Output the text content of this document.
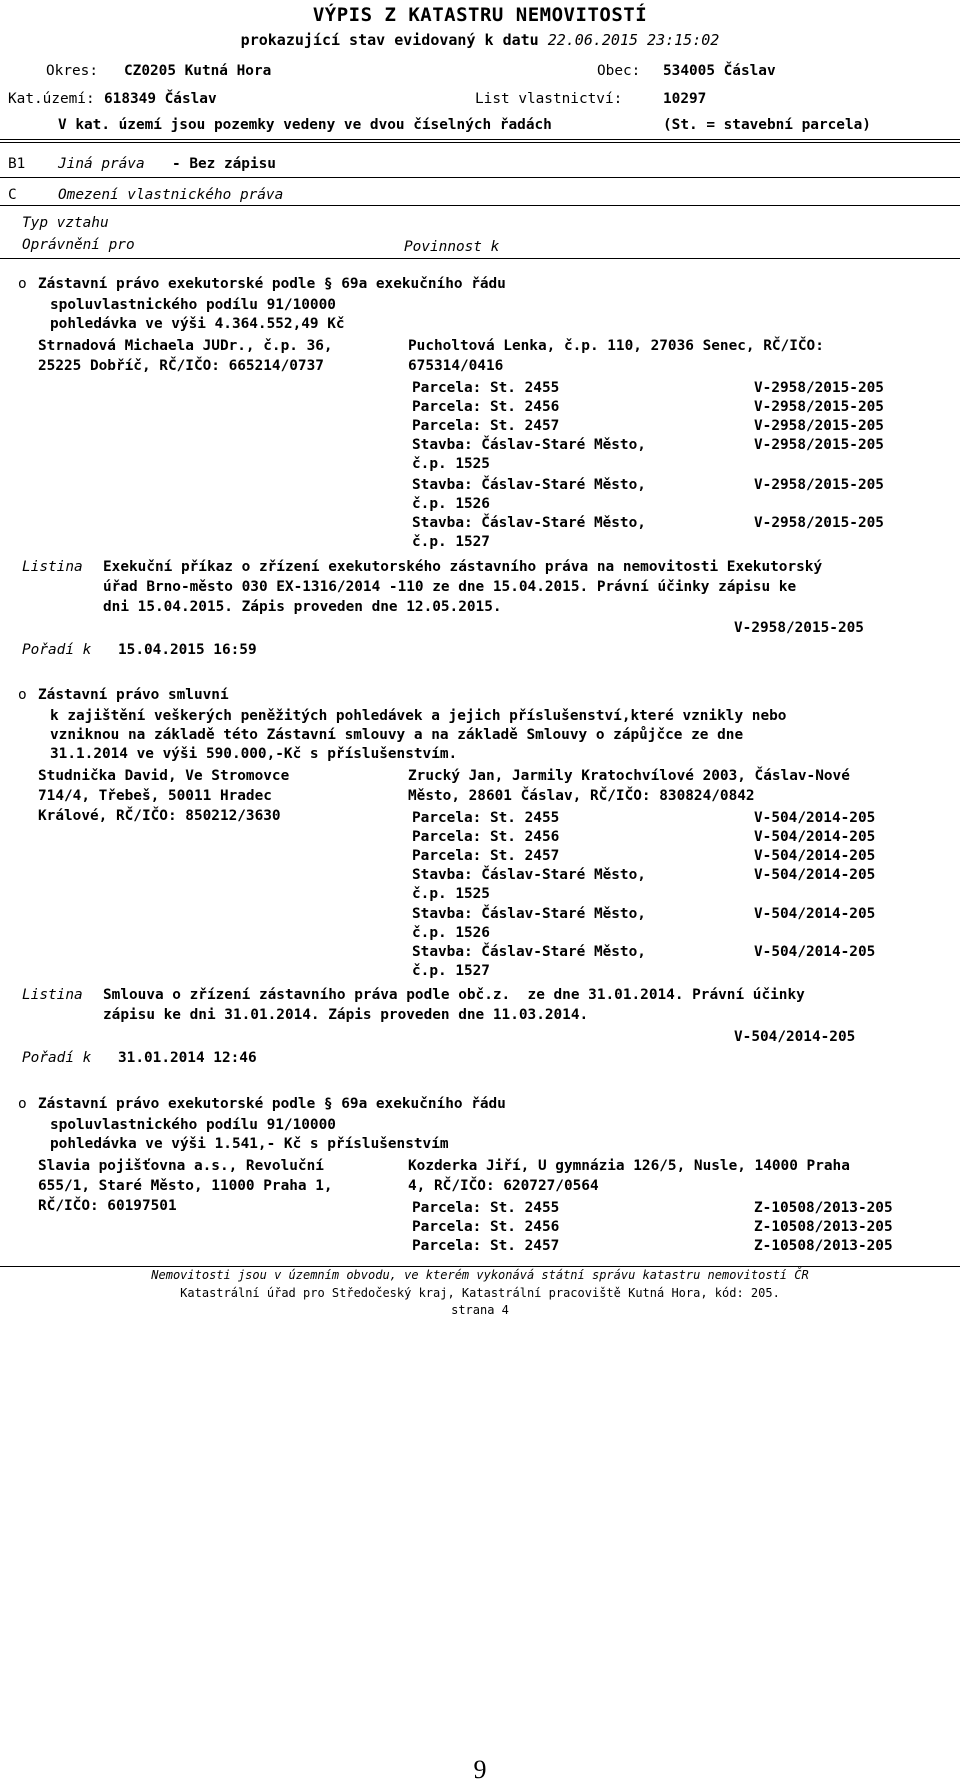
VÝPIS Z KATASTRU NEMOVITOSTÍ
prokazující stav evidovaný k datu 22.06.2015 23:15:02
Okres: CZ0205 Kutná Hora	Obec: 534005 Čáslav
Kat.území: 618349 Čáslav	List vlastnictví:	10297
V kat. území jsou pozemky vedeny ve dvou číselných řadách	(St. = stavební parcela)
B1 Jiná práva - Bez zápisu
C	Omezení vlastnického práva
Typ vztahu
Oprávnění pro	Povinnost k
o Zástavní právo exekutorské podle § 69a exekučního řádu
spoluvlastnického podílu 91/10000
pohledávka ve výši 4.364.552,49 Kč
Strnadová Michaela JUDr., č.p. 36,
25225 Dobříč, RČ/IČO: 665214/0737
Pucholtová Lenka, č.p. 110, 27036 Senec, RČ/IČO:
675314/0416
Parcela: St. 2455	V-2958/2015-205
Parcela: St. 2456	V-2958/2015-205
Parcela: St. 2457	V-2958/2015-205
Stavba: Čáslav-Staré Město,	V-2958/2015-205
č.p. 1525
Stavba: Čáslav-Staré Město,	V-2958/2015-205
č.p. 1526
Stavba: Čáslav-Staré Město,	V-2958/2015-205
č.p. 1527
Listina Exekuční příkaz o zřízení exekutorského zástavního práva na nemovitosti Exekutorský
úřad Brno-město 030 EX-1316/2014 -110 ze dne 15.04.2015. Právní účinky zápisu ke
dni 15.04.2015. Zápis proveden dne 12.05.2015.
V-2958/2015-205
Pořadí k 15.04.2015 16:59
o Zástavní právo smluvní
k zajištění veškerých peněžitých pohledávek a jejich příslušenství,které vznikly nebo
vzniknou na základě této Zástavní smlouvy a na základě Smlouvy o zápůjčce ze dne
31.1.2014 ve výši 590.000,-Kč s příslušenstvím.
Studnička David, Ve Stromovce
714/4, Třebeš, 50011 Hradec
Králové, RČ/IČO: 850212/3630
Zrucký Jan, Jarmily Kratochvílové 2003, Čáslav-Nové
Město, 28601 Čáslav, RČ/IČO: 830824/0842
Parcela: St. 2455	V-504/2014-205
Parcela: St. 2456	V-504/2014-205
Parcela: St. 2457	V-504/2014-205
Stavba: Čáslav-Staré Město,	V-504/2014-205
č.p. 1525
Stavba: Čáslav-Staré Město,	V-504/2014-205
č.p. 1526
Stavba: Čáslav-Staré Město,	V-504/2014-205
č.p. 1527
Listina Smlouva o zřízení zástavního práva podle obč.z.  ze dne 31.01.2014. Právní účinky
zápisu ke dni 31.01.2014. Zápis proveden dne 11.03.2014.
V-504/2014-205
Pořadí k 31.01.2014 12:46
o Zástavní právo exekutorské podle § 69a exekučního řádu
spoluvlastnického podílu 91/10000
pohledávka ve výši 1.541,- Kč s příslušenstvím
Slavia pojišťovna a.s., Revoluční
655/1, Staré Město, 11000 Praha 1,
RČ/IČO: 60197501
Kozderka Jiří, U gymnázia 126/5, Nusle, 14000 Praha
4, RČ/IČO: 620727/0564
Parcela: St. 2455	Z-10508/2013-205
Parcela: St. 2456	Z-10508/2013-205
Parcela: St. 2457	Z-10508/2013-205
Nemovitosti jsou v územním obvodu, ve kterém vykonává státní správu katastru nemovitostí ČR
Katastrální úřad pro Středočeský kraj, Katastrální pracoviště Kutná Hora, kód: 205.
strana 4
9
